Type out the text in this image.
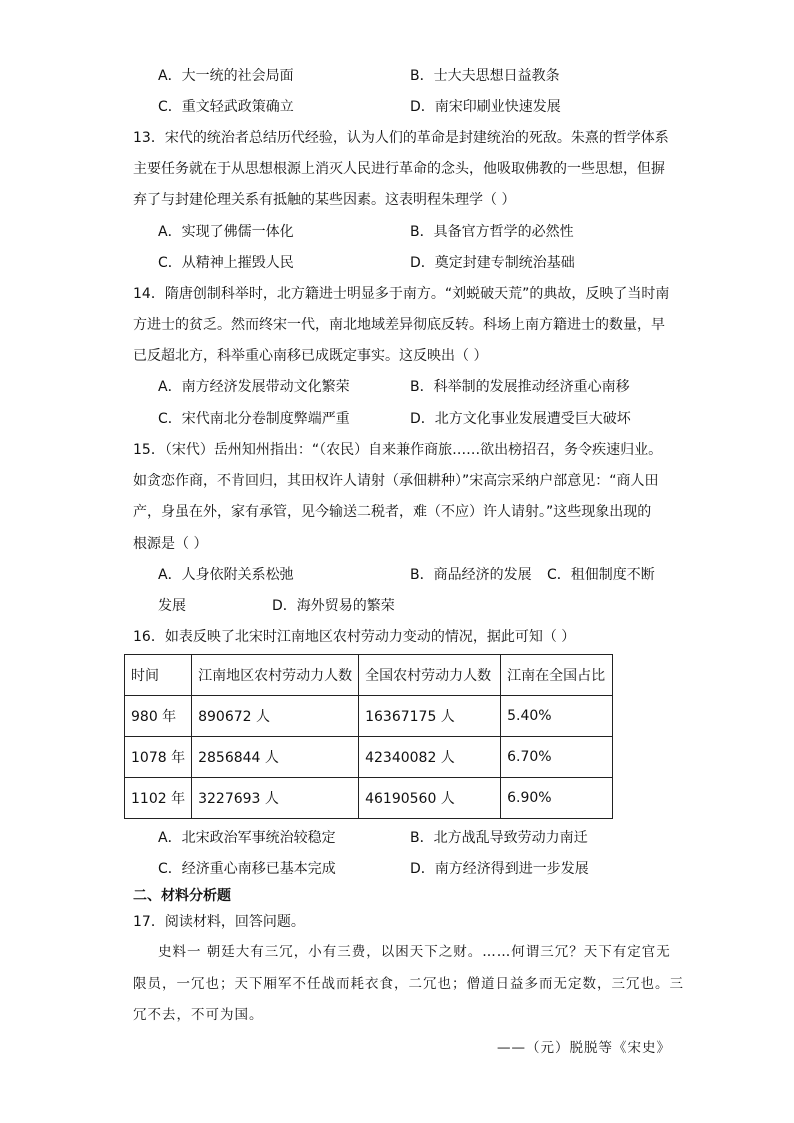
A．大一统的社会局面	B．士大夫思想日益教条
C．重文轻武政策确立	D．南宋印刷业快速发展
13．宋代的统治者总结历代经验，认为人们的革命是封建统治的死敌。朱熹的哲学体系
主要任务就在于从思想根源上消灭人民进行革命的念头，他吸取佛教的一些思想，但摒
弃了与封建伦理关系有抵触的某些因素。这表明程朱理学（ ）
A．实现了佛儒一体化	B．具备官方哲学的必然性
C．从精神上摧毁人民	D．奠定封建专制统治基础
14．隋唐创制科举时，北方籍进士明显多于南方。“刘蜕破天荒”的典故，反映了当时南
方进士的贫乏。然而终宋一代，南北地域差异彻底反转。科场上南方籍进士的数量，早
已反超北方，科举重心南移已成既定事实。这反映出（ ）
A．南方经济发展带动文化繁荣	B．科举制的发展推动经济重心南移
C．宋代南北分卷制度弊端严重	D．北方文化事业发展遭受巨大破坏
15．（宋代）岳州知州指出：“（农民）自来兼作商旅……欲出榜招召，务令疾速归业。
如贪恋作商，不肯回归，其田权许人请射（承佃耕种）”宋高宗采纳户部意见：“商人田
产，身虽在外，家有承管，见今输送二税者，难（不应）许人请射。”这些现象出现的
根源是（ ）
A．人身依附关系松弛	B．商品经济的发展 C．租佃制度不断
发展	D．海外贸易的繁荣
16．如表反映了北宋时江南地区农村劳动力变动的情况，据此可知（ ）
时间	江南地区农村劳动力人数	全国农村劳动力人数	江南在全国占比
980 年	890672 人	16367175 人	5.40%
1078 年	2856844 人	42340082 人	6.70%
1102 年	3227693 人	46190560 人	6.90%
A．北宋政治军事统治较稳定	B．北方战乱导致劳动力南迁
C．经济重心南移已基本完成	D．南方经济得到进一步发展
二、材料分析题
17．阅读材料，回答问题。
史料一 朝廷大有三冗，小有三费，以困天下之财。……何谓三冗？天下有定官无
限员，一冗也；天下厢军不任战而耗衣食，二冗也；僧道日益多而无定数，三冗也。三
冗不去，不可为国。
——（元）脱脱等《宋史》
